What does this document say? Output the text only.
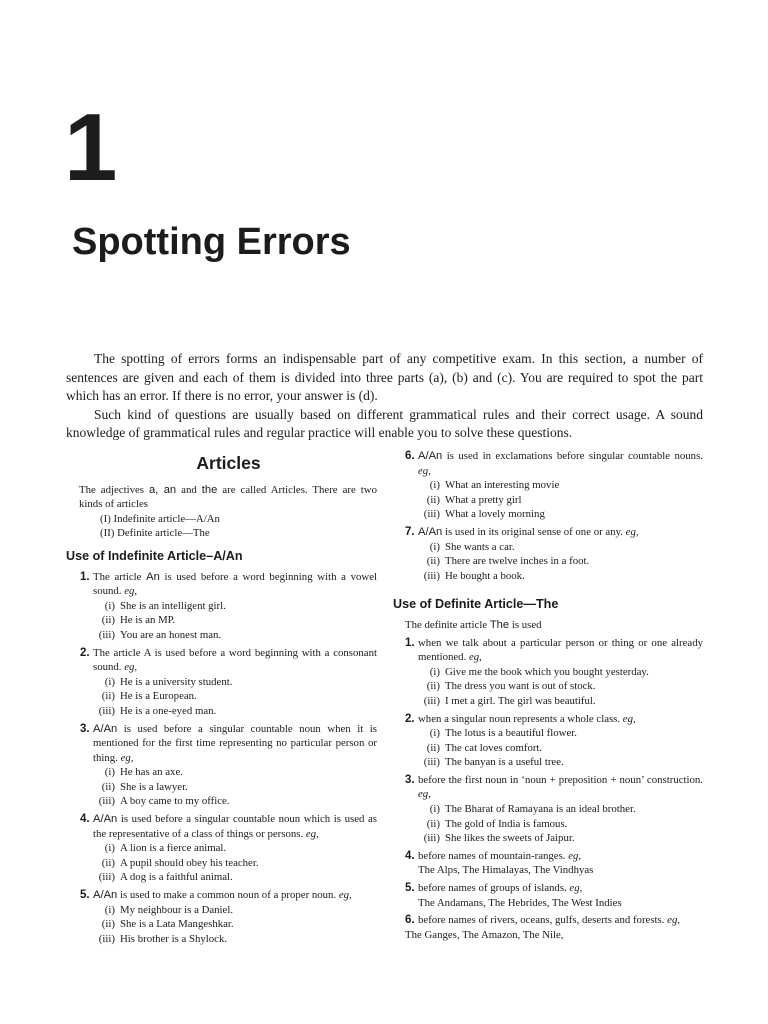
1
Spotting Errors

The spotting of errors forms an indispensable part of any competitive exam. In this section, a number of sentences are given and each of them is divided into three parts (a), (b) and (c). You are required to spot the part which has an error. If there is no error, your answer is (d).

Such kind of questions are usually based on different grammatical rules and their correct usage. A sound knowledge of grammatical rules and regular practice will enable you to solve these questions.

Articles

The adjectives a, an and the are called Articles. There are two kinds of articles

(I) Indefinite article—A/An
(II) Definite article—The
Use of Indefinite Article–A/An
1. The article An is used before a word beginning with a vowel sound. eg,
(i) She is an intelligent girl.
(ii) He is an MP.
(iii) You are an honest man.
2. The article A is used before a word beginning with a consonant sound. eg,
(i) He is a university student.
(ii) He is a European.
(iii) He is a one-eyed man.
3. A/An is used before a singular countable noun when it is mentioned for the first time representing no particular person or thing. eg,
(i) He has an axe.
(ii) She is a lawyer.
(iii) A boy came to my office.
4. A/An is used before a singular countable noun which is used as the representative of a class of things or persons. eg,
(i) A lion is a fierce animal.
(ii) A pupil should obey his teacher.
(iii) A dog is a faithful animal.
5. A/An is used to make a common noun of a proper noun. eg,
(i) My neighbour is a Daniel.
(ii) She is a Lata Mangeshkar.
(iii) His brother is a Shylock.
6. A/An is used in exclamations before singular countable nouns. eg,
(i) What an interesting movie
(ii) What a pretty girl
(iii) What a lovely morning
7. A/An is used in its original sense of one or any. eg,
(i) She wants a car.
(ii) There are twelve inches in a foot.
(iii) He bought a book.
Use of Definite Article—The

The definite article The is used

1. when we talk about a particular person or thing or one already mentioned. eg,
(i) Give me the book which you bought yesterday.
(ii) The dress you want is out of stock.
(iii) I met a girl. The girl was beautiful.
2. when a singular noun represents a whole class. eg,
(i) The lotus is a beautiful flower.
(ii) The cat loves comfort.
(iii) The banyan is a useful tree.
3. before the first noun in ‘noun + preposition + noun’ construction. eg,
(i) The Bharat of Ramayana is an ideal brother.
(ii) The gold of India is famous.
(iii) She likes the sweets of Jaipur.
4. before names of mountain-ranges. eg,
The Alps, The Himalayas, The Vindhyas
5. before names of groups of islands. eg,
The Andamans, The Hebrides, The West Indies
6. before names of rivers, oceans, gulfs, deserts and forests. eg,
The Ganges, The Amazon, The Nile,
